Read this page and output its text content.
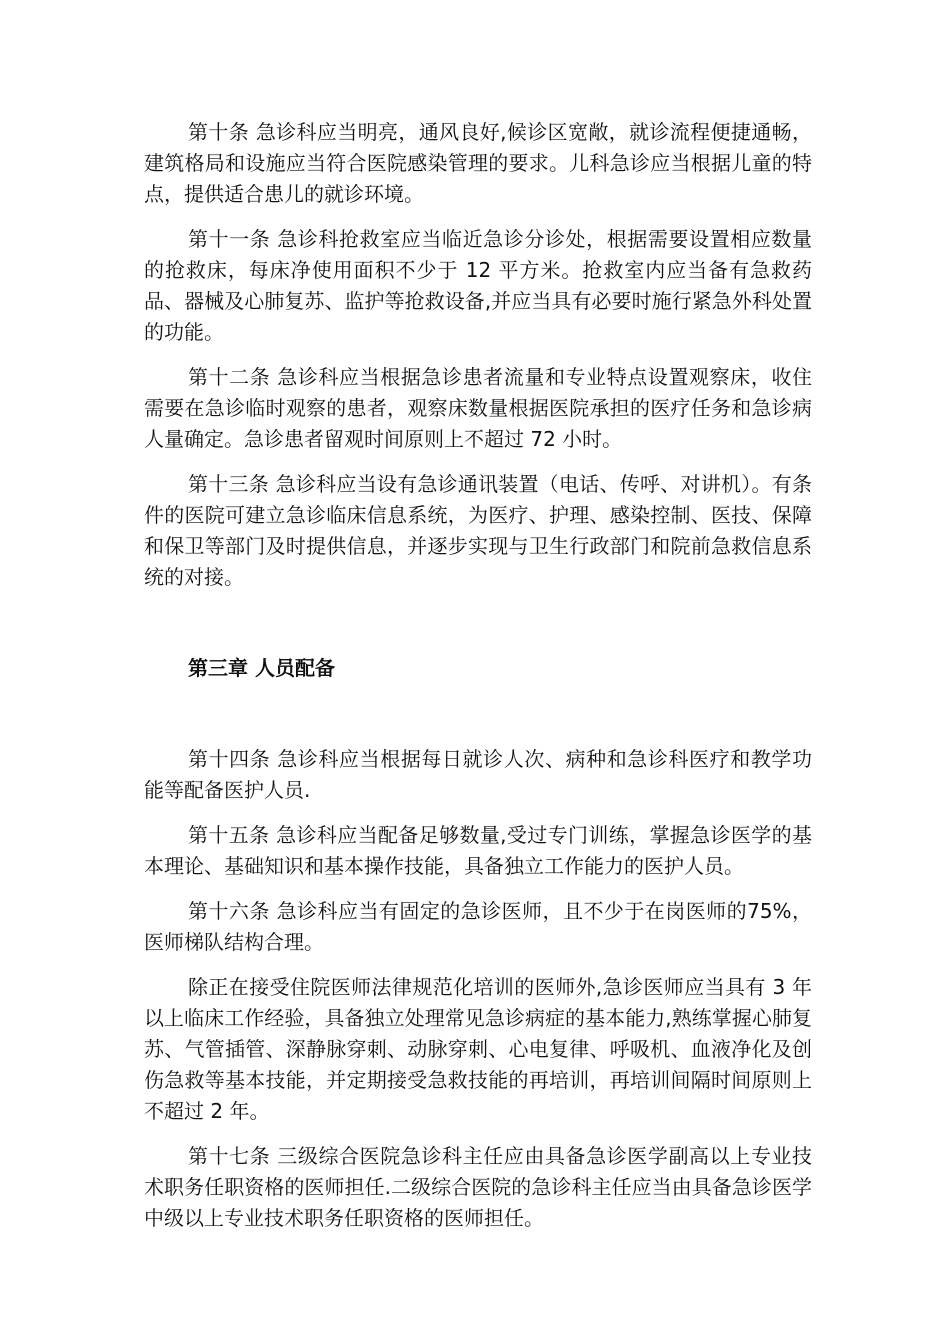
第十条 急诊科应当明亮，通风良好,候诊区宽敞，就诊流程便捷通畅，建筑格局和设施应当符合医院感染管理的要求。儿科急诊应当根据儿童的特点，提供适合患儿的就诊环境。

第十一条 急诊科抢救室应当临近急诊分诊处，根据需要设置相应数量的抢救床，每床净使用面积不少于 12 平方米。抢救室内应当备有急救药品、器械及心肺复苏、监护等抢救设备,并应当具有必要时施行紧急外科处置的功能。

第十二条 急诊科应当根据急诊患者流量和专业特点设置观察床，收住需要在急诊临时观察的患者，观察床数量根据医院承担的医疗任务和急诊病人量确定。急诊患者留观时间原则上不超过 72 小时。

第十三条 急诊科应当设有急诊通讯装置（电话、传呼、对讲机）。有条件的医院可建立急诊临床信息系统，为医疗、护理、感染控制、医技、保障和保卫等部门及时提供信息，并逐步实现与卫生行政部门和院前急救信息系统的对接。

第三章 人员配备

第十四条 急诊科应当根据每日就诊人次、病种和急诊科医疗和教学功能等配备医护人员.

第十五条 急诊科应当配备足够数量,受过专门训练，掌握急诊医学的基本理论、基础知识和基本操作技能，具备独立工作能力的医护人员。

第十六条 急诊科应当有固定的急诊医师，且不少于在岗医师的75%，医师梯队结构合理。

除正在接受住院医师法律规范化培训的医师外,急诊医师应当具有 3 年以上临床工作经验，具备独立处理常见急诊病症的基本能力,熟练掌握心肺复苏、气管插管、深静脉穿刺、动脉穿刺、心电复律、呼吸机、血液净化及创伤急救等基本技能，并定期接受急救技能的再培训，再培训间隔时间原则上不超过 2 年。

第十七条 三级综合医院急诊科主任应由具备急诊医学副高以上专业技术职务任职资格的医师担任.二级综合医院的急诊科主任应当由具备急诊医学中级以上专业技术职务任职资格的医师担任。
